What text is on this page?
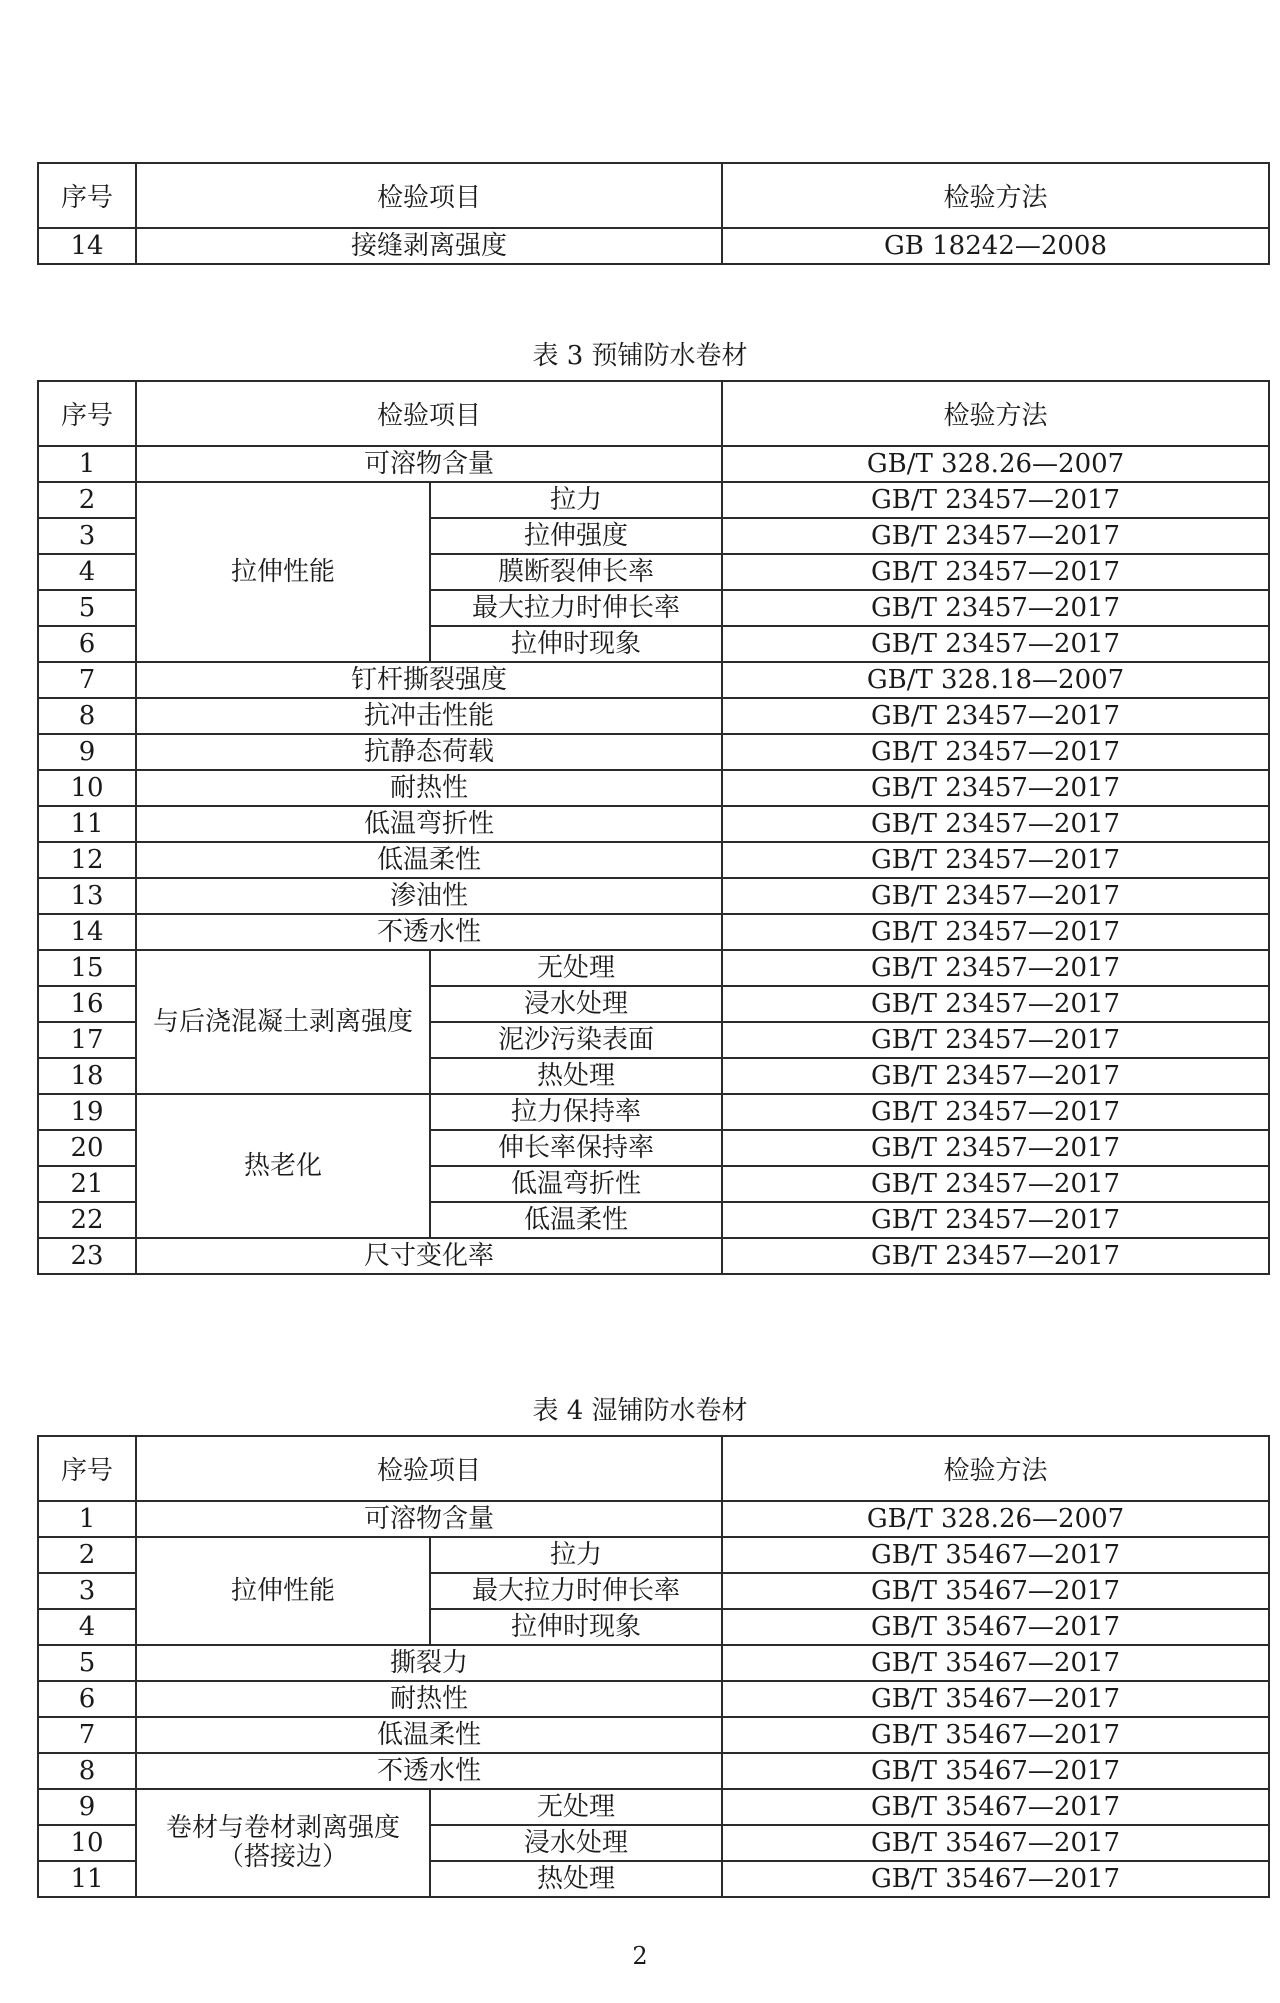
序号	检验项目	检验方法
14	接缝剥离强度	GB 18242—2008
表 3 预铺防水卷材
序号	检验项目		检验方法
1	可溶物含量		GB/T 328.26—2007
2	拉伸性能	拉力	GB/T 23457—2017
3		拉伸强度	GB/T 23457—2017
4		膜断裂伸长率	GB/T 23457—2017
5		最大拉力时伸长率	GB/T 23457—2017
6		拉伸时现象	GB/T 23457—2017
7	钉杆撕裂强度		GB/T 328.18—2007
8	抗冲击性能		GB/T 23457—2017
9	抗静态荷载		GB/T 23457—2017
10	耐热性		GB/T 23457—2017
11	低温弯折性		GB/T 23457—2017
12	低温柔性		GB/T 23457—2017
13	渗油性		GB/T 23457—2017
14	不透水性		GB/T 23457—2017
15	与后浇混凝土剥离强度	无处理	GB/T 23457—2017
16		浸水处理	GB/T 23457—2017
17		泥沙污染表面	GB/T 23457—2017
18		热处理	GB/T 23457—2017
19	热老化	拉力保持率	GB/T 23457—2017
20		伸长率保持率	GB/T 23457—2017
21		低温弯折性	GB/T 23457—2017
22		低温柔性	GB/T 23457—2017
23	尺寸变化率		GB/T 23457—2017
表 4 湿铺防水卷材
序号	检验项目		检验方法
1	可溶物含量		GB/T 328.26—2007
2	拉伸性能	拉力	GB/T 35467—2017
3		最大拉力时伸长率	GB/T 35467—2017
4		拉伸时现象	GB/T 35467—2017
5	撕裂力		GB/T 35467—2017
6	耐热性		GB/T 35467—2017
7	低温柔性		GB/T 35467—2017
8	不透水性		GB/T 35467—2017
9	卷材与卷材剥离强度（搭接边）	无处理	GB/T 35467—2017
10		浸水处理	GB/T 35467—2017
11		热处理	GB/T 35467—2017
2
